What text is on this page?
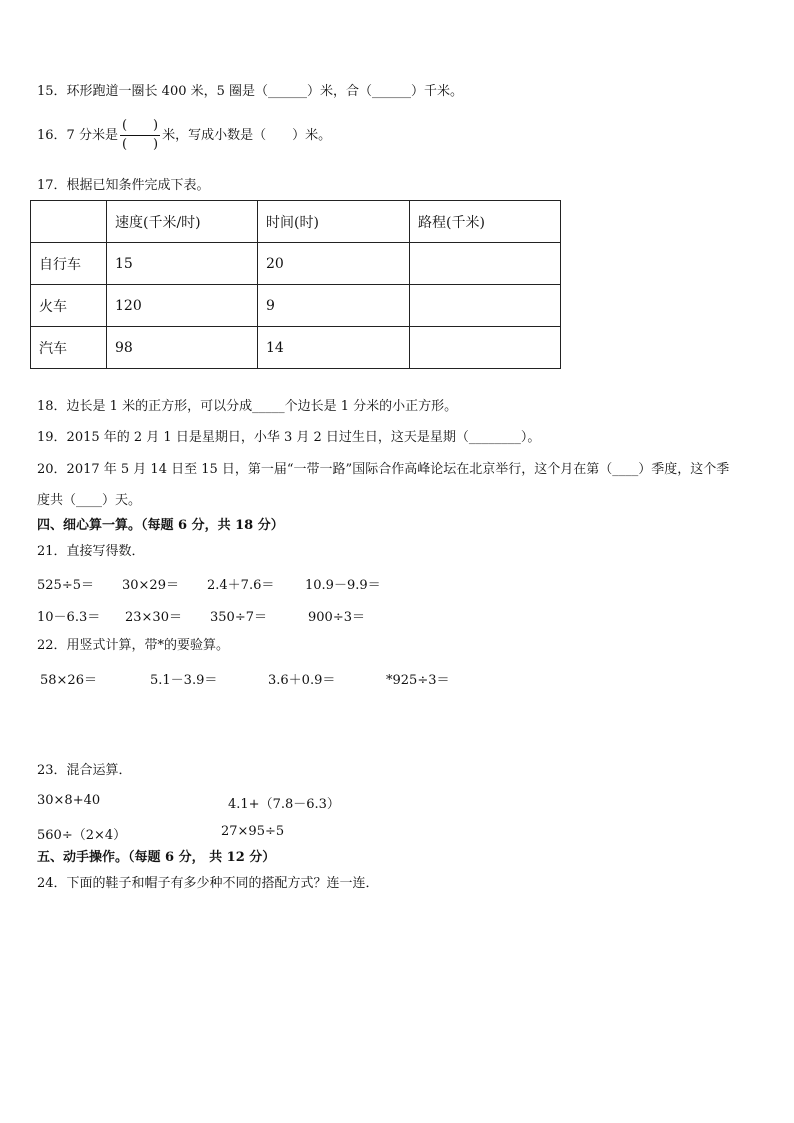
15．环形跑道一圈长 400 米，5 圈是（______）米，合（______）千米。
16．7 分米是 $\frac{( )}{( )}$ 米，写成小数是（　　）米。
17．根据已知条件完成下表。
	速度(千米/时)	时间(时)	路程(千米)
自行车	15	20	
火车	120	9	
汽车	98	14	
18．边长是 1 米的正方形，可以分成_____个边长是 1 分米的小正方形。
19．2015 年的 2 月 1 日是星期日，小华 3 月 2 日过生日，这天是星期（________）。
20．2017 年 5 月 14 日至 15 日，第一届“一带一路”国际合作高峰论坛在北京举行，这个月在第（____）季度，这个季
度共（____）天。
四、细心算一算。（每题 6 分，共 18 分）
21．直接写得数．
525÷5＝ 30×29＝ 2.4＋7.6＝ 10.9－9.9＝
10－6.3＝ 23×30＝ 350÷7＝	900÷3＝
22．用竖式计算，带*的要验算。
58×26＝	5.1－3.9＝	3.6＋0.9＝	*925÷3＝
23．混合运算．
30×8+40	4.1+（7.8－6.3）
560÷（2×4）	27×95÷5
五、动手操作。（每题 6 分， 共 12 分）
24．下面的鞋子和帽子有多少种不同的搭配方式？连一连．
